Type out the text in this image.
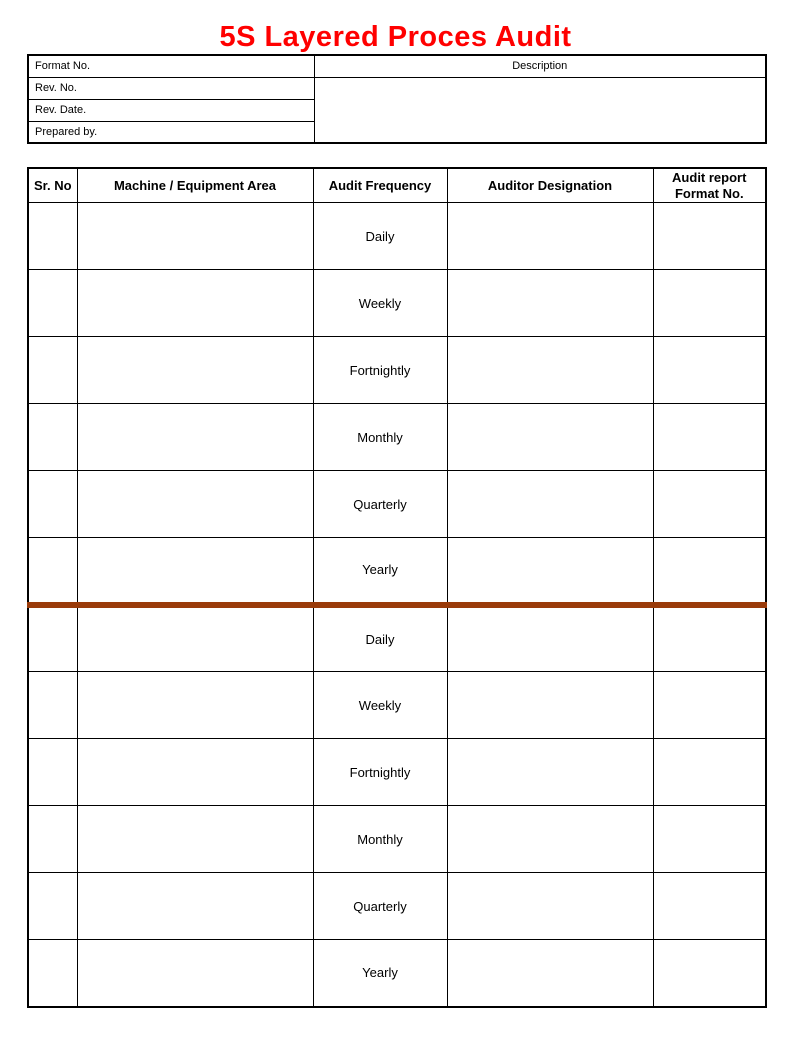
5S Layered Proces Audit
Format No.	Description
Rev. No.	
Rev. Date.	
Prepared by.	
Sr. No	Machine / Equipment Area	Audit Frequency	Auditor Designation	Audit report Format No.
		Daily		
		Weekly		
		Fortnightly		
		Monthly		
		Quarterly		
		Yearly		
		Daily		
		Weekly		
		Fortnightly		
		Monthly		
		Quarterly		
		Yearly		
